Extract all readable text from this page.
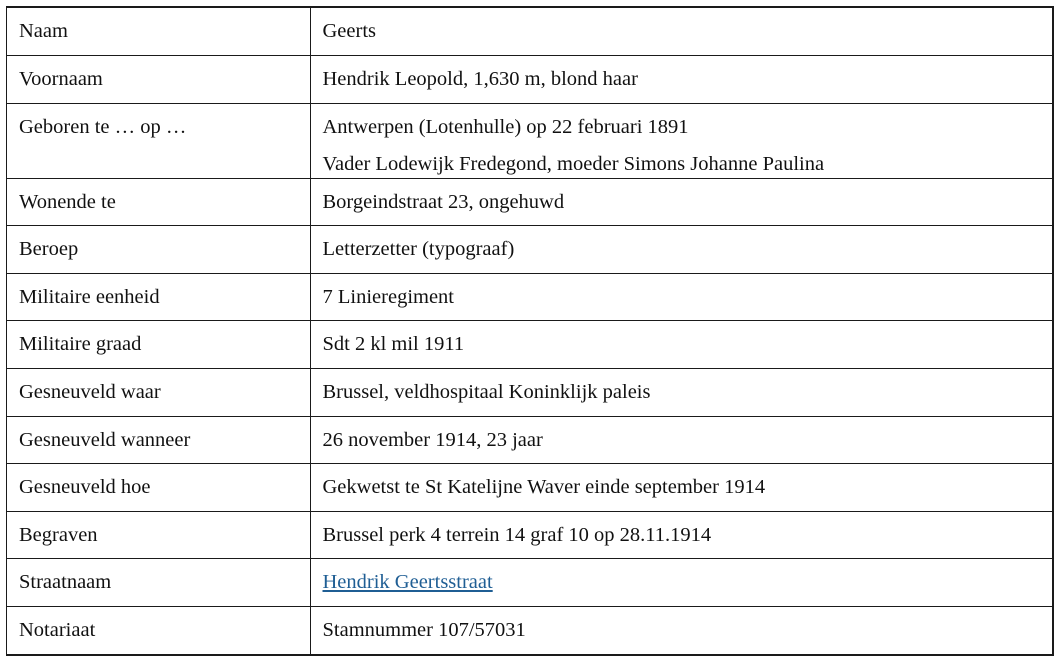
Naam	Geerts
Voornaam	Hendrik Leopold, 1,630 m, blond haar
Geboren te … op …	Antwerpen (Lotenhulle) op 22 februari 1891
Vader Lodewijk Fredegond, moeder Simons Johanne Paulina

Wonende te	Borgeindstraat 23, ongehuwd
Beroep	Letterzetter (typograaf)
Militaire eenheid	7 Linieregiment
Militaire graad	Sdt 2 kl mil 1911
Gesneuveld waar	Brussel, veldhospitaal Koninklijk paleis
Gesneuveld wanneer	26 november 1914, 23 jaar
Gesneuveld hoe	Gekwetst te St Katelijne Waver einde september 1914
Begraven	Brussel perk 4 terrein 14 graf 10 op 28.11.1914
Straatnaam	Hendrik Geertsstraat
Notariaat	Stamnummer 107/57031
